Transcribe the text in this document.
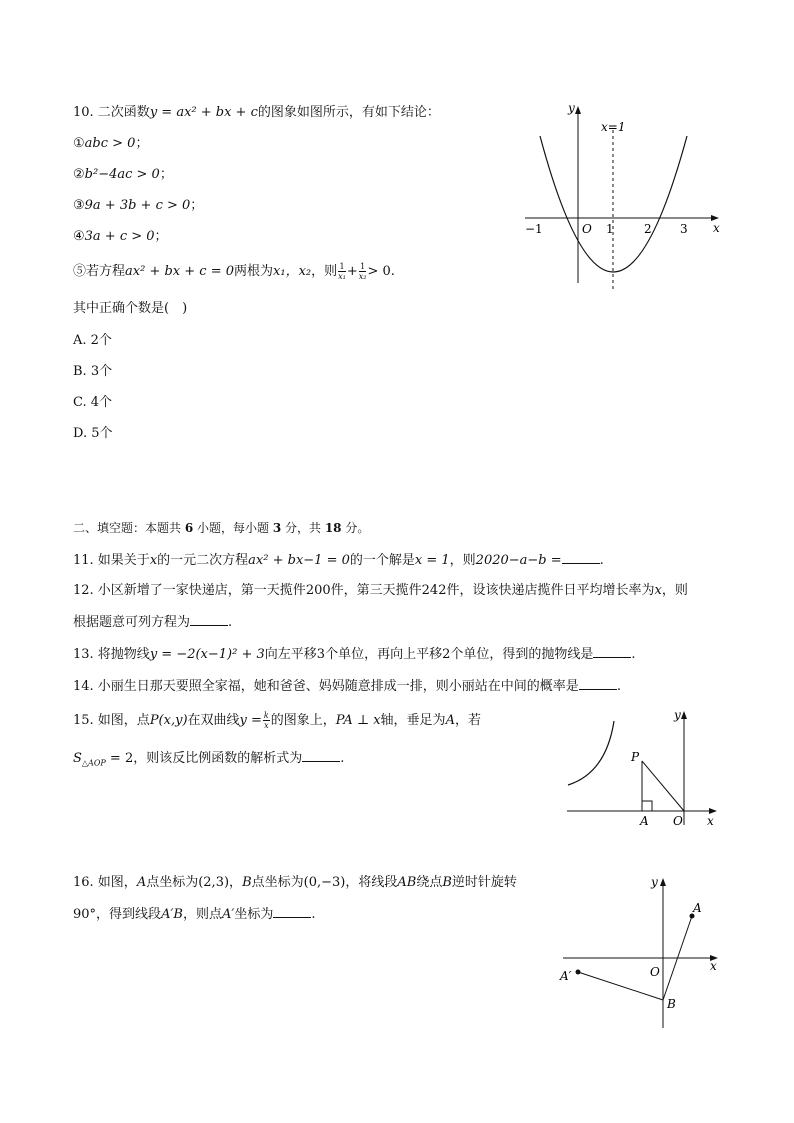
10. 二次函数y = ax² + bx + c的图象如图所示，有如下结论：
①abc > 0；
②b²−4ac > 0；
③9a + 3b + c > 0；
④3a + c > 0；
⑤若方程ax² + bx + c = 0两根为x₁，x₂，则 $\frac{1}{\text{x₁}} + \frac{1}{\text{x₂}} > 0$.
其中正确个数是(　)
A. 2个
B. 3个
C. 4个
D. 5个
y
x
x=1
O
−1	1	2 3
二、填空题：本题共 6 小题，每小题 3 分，共 18 分。
11. 如果关于x的一元二次方程ax² + bx−1 = 0的一个解是x = 1，则2020−a−b =	.
12. 小区新增了一家快递店，第一天揽件200件，第三天揽件242件，设该快递店揽件日平均增长率为x，则
根据题意可列方程为	.
13. 将抛物线y = −2(x−1)² + 3向左平移3个单位，再向上平移2个单位，得到的抛物线是	.
14. 小丽生日那天要照全家福，她和爸爸、妈妈随意排成一排，则小丽站在中间的概率是	.
15. 如图，点P(x,y)在双曲线$y = \frac{k}{x}$ 的图象上，PA ⊥ x轴，垂足为A，若
$S_{\triangle AOP} = 2$，则该反比例函数的解析式为	.
y
x
P
A O
16. 如图，A点坐标为(2,3)，B点坐标为(0,−3)，将线段AB绕点B逆时针旋转
90°，得到线段A′B，则点A′坐标为	.
y
x
A
A′	O
B
